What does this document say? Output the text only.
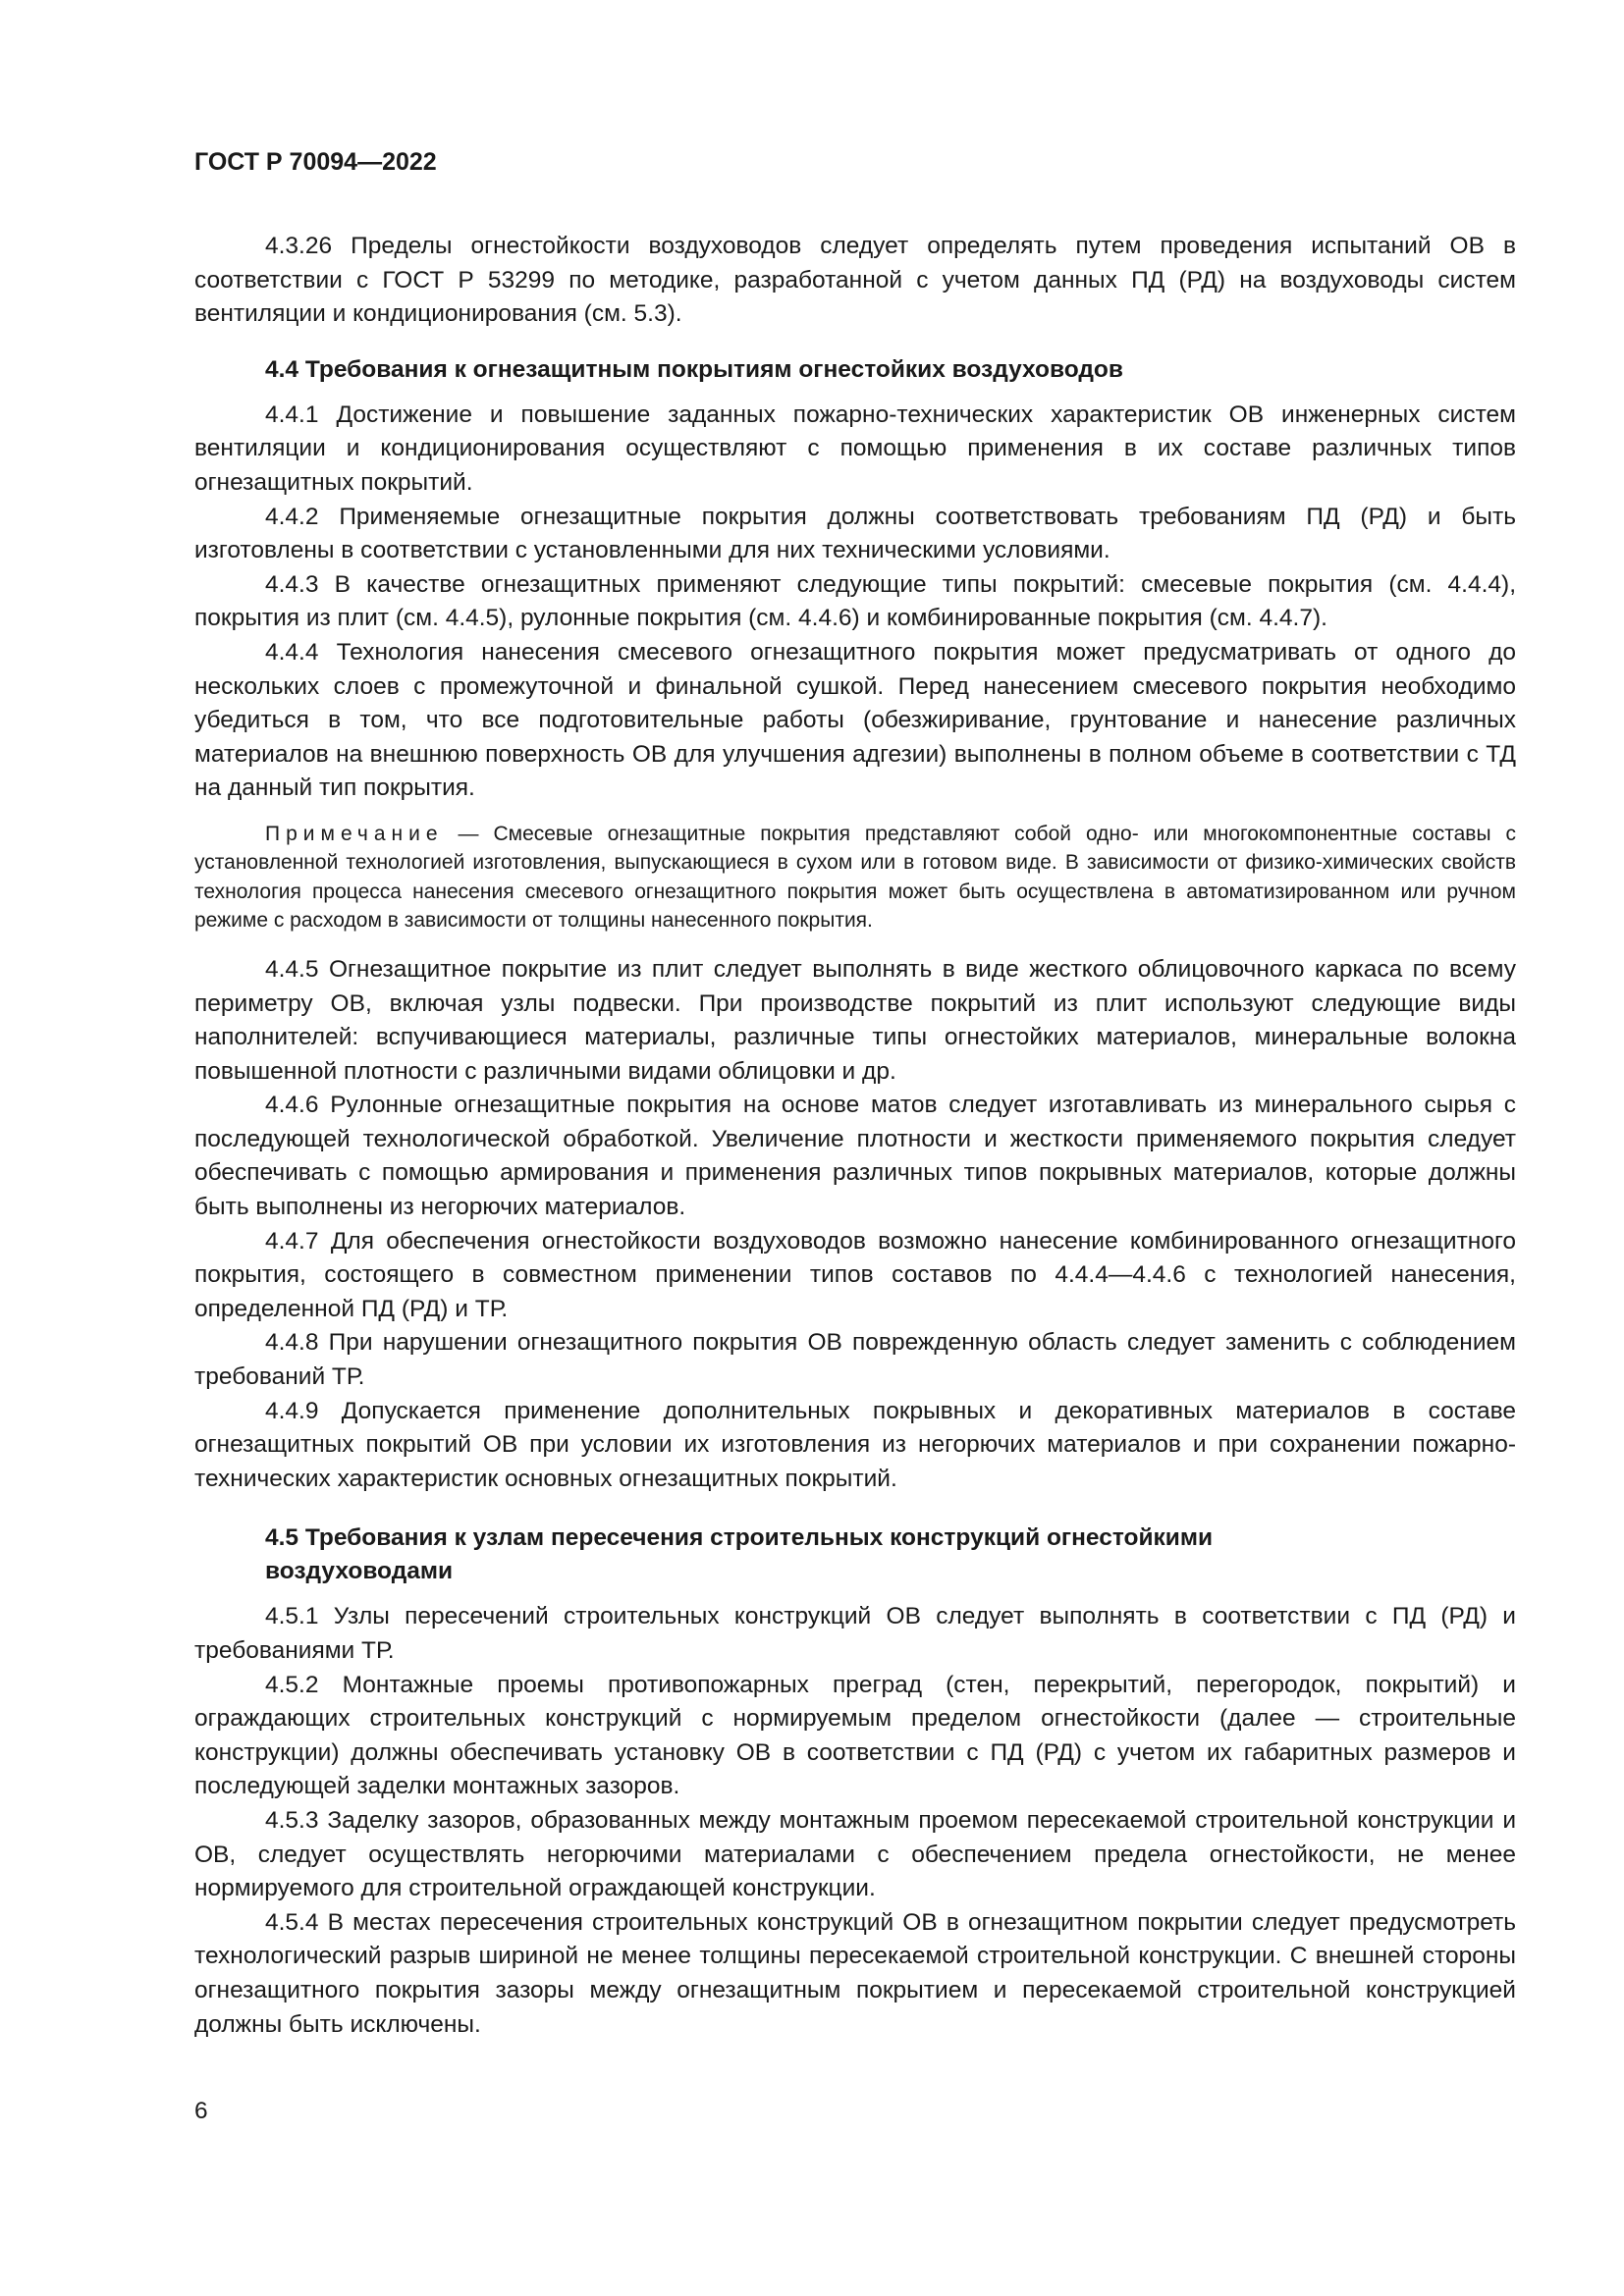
ГОСТ Р 70094—2022

4.3.26 Пределы огнестойкости воздуховодов следует определять путем проведения испытаний ОВ в соответствии с ГОСТ Р 53299 по методике, разработанной с учетом данных ПД (РД) на воздуховоды систем вентиляции и кондиционирования (см. 5.3).

4.4 Требования к огнезащитным покрытиям огнестойких воздуховодов

4.4.1 Достижение и повышение заданных пожарно-технических характеристик ОВ инженерных систем вентиляции и кондиционирования осуществляют с помощью применения в их составе различных типов огнезащитных покрытий.

4.4.2 Применяемые огнезащитные покрытия должны соответствовать требованиям ПД (РД) и быть изготовлены в соответствии с установленными для них техническими условиями.

4.4.3 В качестве огнезащитных применяют следующие типы покрытий: смесевые покрытия (см. 4.4.4), покрытия из плит (см. 4.4.5), рулонные покрытия (см. 4.4.6) и комбинированные покрытия (см. 4.4.7).

4.4.4 Технология нанесения смесевого огнезащитного покрытия может предусматривать от одного до нескольких слоев с промежуточной и финальной сушкой. Перед нанесением смесевого покрытия необходимо убедиться в том, что все подготовительные работы (обезжиривание, грунтование и нанесение различных материалов на внешнюю поверхность ОВ для улучшения адгезии) выполнены в полном объеме в соответствии с ТД на данный тип покрытия.

Примечание — Смесевые огнезащитные покрытия представляют собой одно- или многокомпонентные составы с установленной технологией изготовления, выпускающиеся в сухом или в готовом виде. В зависимости от физико-химических свойств технология процесса нанесения смесевого огнезащитного покрытия может быть осуществлена в автоматизированном или ручном режиме с расходом в зависимости от толщины нанесенного покрытия.

4.4.5 Огнезащитное покрытие из плит следует выполнять в виде жесткого облицовочного каркаса по всему периметру ОВ, включая узлы подвески. При производстве покрытий из плит используют следующие виды наполнителей: вспучивающиеся материалы, различные типы огнестойких материалов, минеральные волокна повышенной плотности с различными видами облицовки и др.

4.4.6 Рулонные огнезащитные покрытия на основе матов следует изготавливать из минерального сырья с последующей технологической обработкой. Увеличение плотности и жесткости применяемого покрытия следует обеспечивать с помощью армирования и применения различных типов покрывных материалов, которые должны быть выполнены из негорючих материалов.

4.4.7 Для обеспечения огнестойкости воздуховодов возможно нанесение комбинированного огнезащитного покрытия, состоящего в совместном применении типов составов по 4.4.4—4.4.6 с технологией нанесения, определенной ПД (РД) и ТР.

4.4.8 При нарушении огнезащитного покрытия ОВ поврежденную область следует заменить с соблюдением требований ТР.

4.4.9 Допускается применение дополнительных покрывных и декоративных материалов в составе огнезащитных покрытий ОВ при условии их изготовления из негорючих материалов и при сохранении пожарно-технических характеристик основных огнезащитных покрытий.

4.5 Требования к узлам пересечения строительных конструкций огнестойкими воздуховодами

4.5.1 Узлы пересечений строительных конструкций ОВ следует выполнять в соответствии с ПД (РД) и требованиями ТР.

4.5.2 Монтажные проемы противопожарных преград (стен, перекрытий, перегородок, покрытий) и ограждающих строительных конструкций с нормируемым пределом огнестойкости (далее — строительные конструкции) должны обеспечивать установку ОВ в соответствии с ПД (РД) с учетом их габаритных размеров и последующей заделки монтажных зазоров.

4.5.3 Заделку зазоров, образованных между монтажным проемом пересекаемой строительной конструкции и ОВ, следует осуществлять негорючими материалами с обеспечением предела огнестойкости, не менее нормируемого для строительной ограждающей конструкции.

4.5.4 В местах пересечения строительных конструкций ОВ в огнезащитном покрытии следует предусмотреть технологический разрыв шириной не менее толщины пересекаемой строительной конструкции. С внешней стороны огнезащитного покрытия зазоры между огнезащитным покрытием и пересекаемой строительной конструкцией должны быть исключены.

6
